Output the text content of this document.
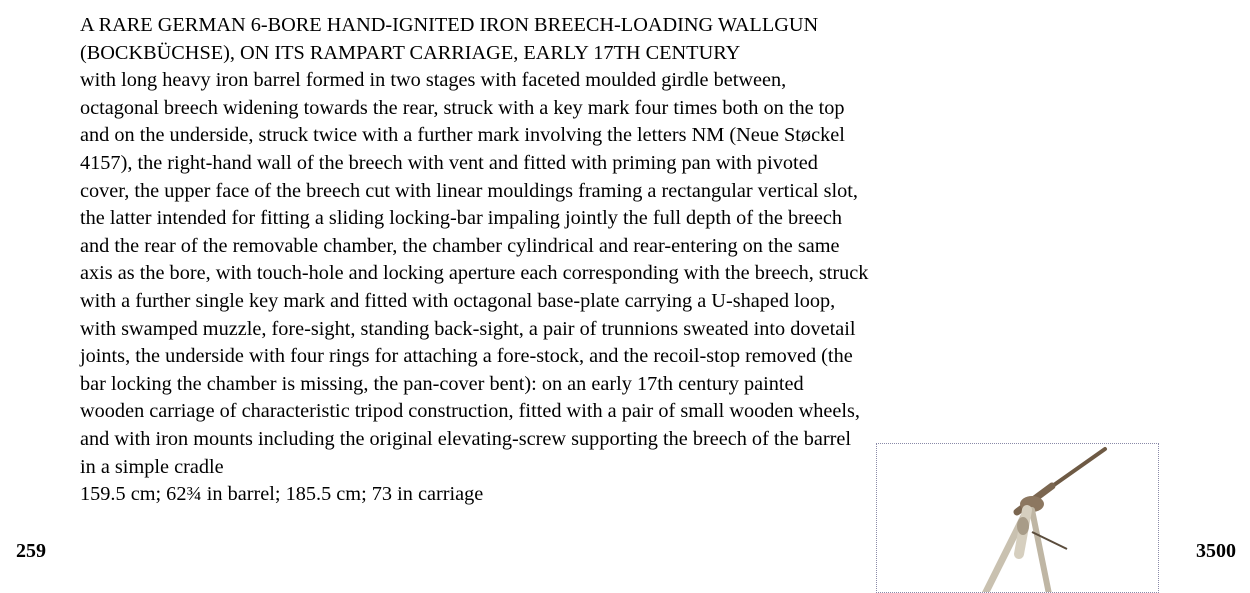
259

A RARE GERMAN 6-BORE HAND-IGNITED IRON BREECH-LOADING WALLGUN (BOCKBÜCHSE), ON ITS RAMPART CARRIAGE, EARLY 17TH CENTURY

with long heavy iron barrel formed in two stages with faceted moulded girdle between, octagonal breech widening towards the rear, struck with a key mark four times both on the top and on the underside, struck twice with a further mark involving the letters NM (Neue Støckel 4157), the right-hand wall of the breech with vent and fitted with priming pan with pivoted cover, the upper face of the breech cut with linear mouldings framing a rectangular vertical slot, the latter intended for fitting a sliding locking-bar impaling jointly the full depth of the breech and the rear of the removable chamber, the chamber cylindrical and rear-entering on the same axis as the bore, with touch-hole and locking aperture each corresponding with the breech, struck with a further single key mark and fitted with octagonal base-plate carrying a U-shaped loop, with swamped muzzle, fore-sight, standing back-sight, a pair of trunnions sweated into dovetail joints, the underside with four rings for attaching a fore-stock, and the recoil-stop removed (the bar locking the chamber is missing, the pan-cover bent): on an early 17th century painted wooden carriage of characteristic tripod construction, fitted with a pair of small wooden wheels, and with iron mounts including the original elevating-screw supporting the breech of the barrel in a simple cradle

159.5 cm; 62¾ in barrel; 185.5 cm; 73 in carriage

3500
